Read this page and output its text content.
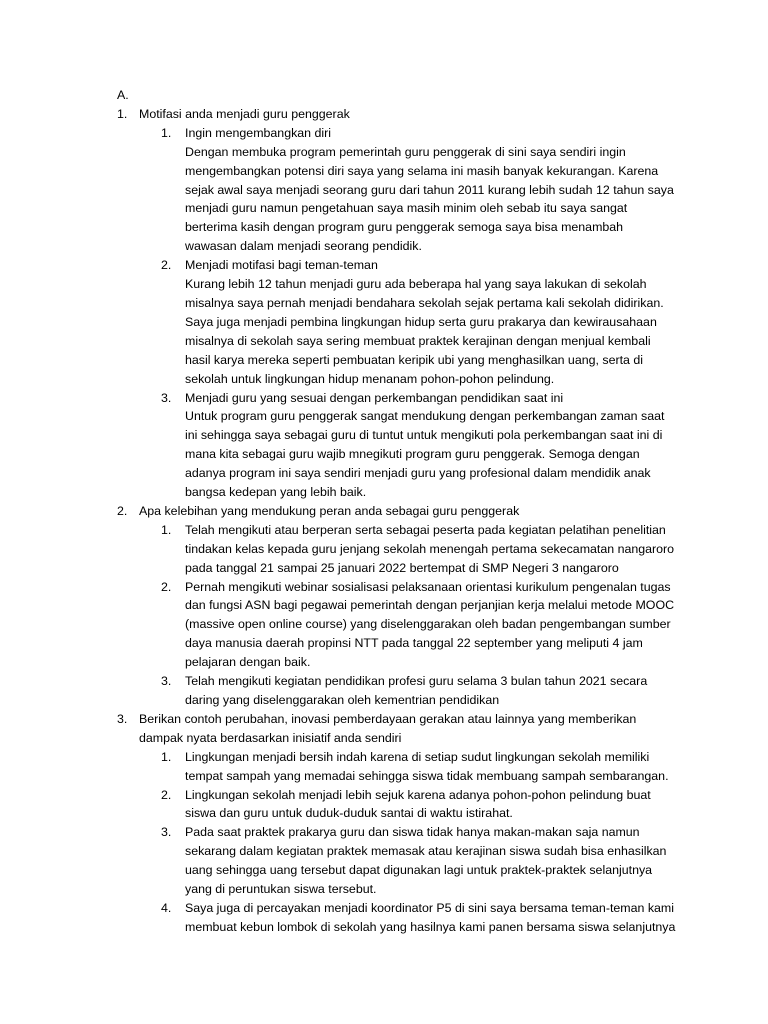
A.

1. Motifasi anda menjadi guru penggerak

1. Ingin mengembangkan diri

Dengan membuka program pemerintah guru penggerak di sini saya sendiri ingin mengembangkan potensi diri saya yang selama ini masih banyak kekurangan. Karena sejak awal saya menjadi seorang guru dari tahun 2011 kurang lebih sudah 12 tahun saya menjadi guru namun pengetahuan saya masih minim oleh sebab itu saya sangat berterima kasih dengan program guru penggerak semoga saya bisa menambah wawasan dalam menjadi seorang pendidik.

2. Menjadi motifasi bagi teman-teman

Kurang lebih 12 tahun menjadi guru ada beberapa hal yang saya lakukan di sekolah misalnya saya pernah menjadi bendahara sekolah sejak pertama kali sekolah didirikan. Saya juga menjadi pembina lingkungan hidup serta guru prakarya dan kewirausahaan misalnya di sekolah saya sering membuat praktek kerajinan dengan menjual kembali hasil karya mereka seperti pembuatan keripik ubi yang menghasilkan uang, serta di sekolah untuk lingkungan hidup menanam pohon-pohon pelindung.

3. Menjadi guru yang sesuai dengan perkembangan pendidikan saat ini

Untuk program guru penggerak sangat mendukung dengan perkembangan zaman saat ini sehingga saya sebagai guru di tuntut untuk mengikuti pola perkembangan saat ini di mana kita sebagai guru wajib mnegikuti program guru penggerak. Semoga dengan adanya program ini saya sendiri menjadi guru yang profesional dalam mendidik anak bangsa kedepan yang lebih baik.

2. Apa kelebihan yang mendukung peran anda sebagai guru penggerak

1. Telah mengikuti atau berperan serta sebagai peserta pada kegiatan pelatihan penelitian tindakan kelas kepada guru jenjang sekolah menengah pertama sekecamatan nangaroro pada tanggal 21 sampai 25 januari 2022 bertempat di SMP Negeri 3 nangaroro

2. Pernah mengikuti webinar sosialisasi pelaksanaan orientasi kurikulum pengenalan tugas dan fungsi ASN bagi pegawai pemerintah dengan perjanjian kerja melalui metode MOOC (massive open online course) yang diselenggarakan oleh badan pengembangan sumber daya manusia daerah propinsi NTT pada tanggal 22 september yang meliputi 4 jam pelajaran dengan baik.

3. Telah mengikuti kegiatan pendidikan profesi guru selama 3 bulan tahun 2021 secara daring yang diselenggarakan oleh kementrian pendidikan

3. Berikan contoh perubahan, inovasi pemberdayaan gerakan atau lainnya yang memberikan dampak nyata berdasarkan inisiatif anda sendiri

1. Lingkungan menjadi bersih indah karena di setiap sudut lingkungan sekolah memiliki tempat sampah yang memadai sehingga siswa tidak membuang sampah sembarangan.

2. Lingkungan sekolah menjadi lebih sejuk karena adanya pohon-pohon pelindung buat siswa dan guru untuk duduk-duduk santai di waktu istirahat.

3. Pada saat praktek prakarya guru dan siswa tidak hanya makan-makan saja namun sekarang dalam kegiatan praktek memasak atau kerajinan siswa sudah bisa enhasilkan uang sehingga uang tersebut dapat digunakan lagi untuk praktek-praktek selanjutnya yang di peruntukan siswa tersebut.

4. Saya juga di percayakan menjadi koordinator P5 di sini saya bersama teman-teman kami membuat kebun lombok di sekolah yang hasilnya kami panen bersama siswa selanjutnya
